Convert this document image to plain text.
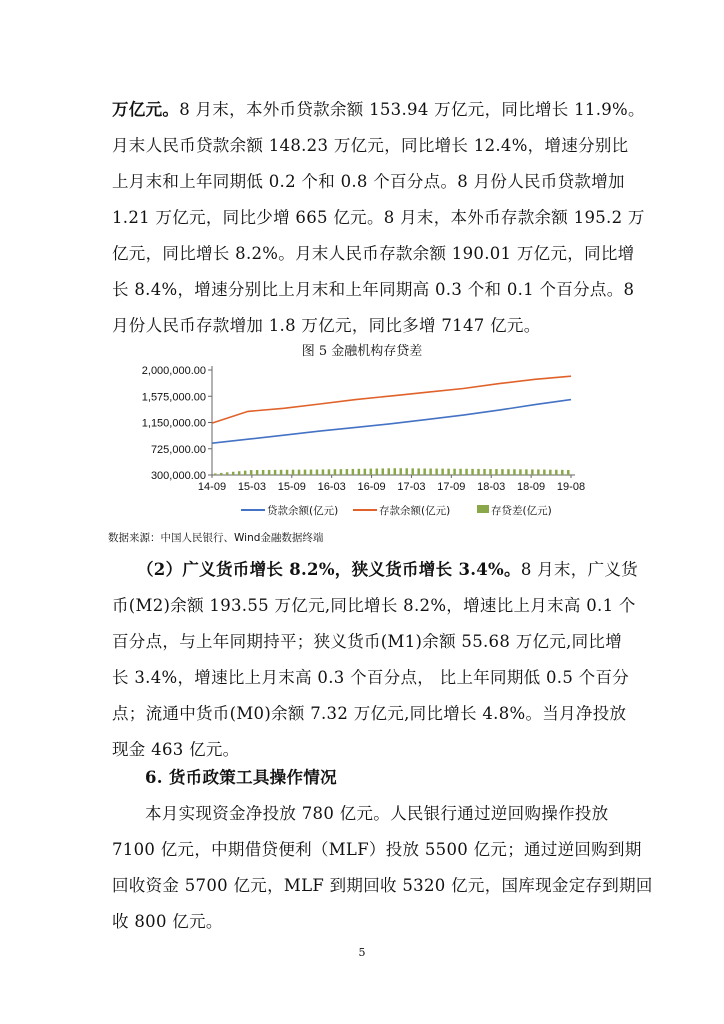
万亿元。8 月末，本外币贷款余额 153.94 万亿元，同比增长 11.9%。
月末人民币贷款余额 148.23 万亿元，同比增长 12.4%，增速分别比
上月末和上年同期低 0.2 个和 0.8 个百分点。8 月份人民币贷款增加
1.21 万亿元，同比少增 665 亿元。8 月末，本外币存款余额 195.2 万
亿元，同比增长 8.2%。月末人民币存款余额 190.01 万亿元，同比增
长 8.4%，增速分别比上月末和上年同期高 0.3 个和 0.1 个百分点。8
月份人民币存款增加 1.8 万亿元，同比多增 7147 亿元。
图 5 金融机构存贷差
2,000,000.00
1,575,000.00
1,150,000.00
725,000.00
300,000.00
14-09 15-03 15-09 16-03 16-09 17-03 17-09 18-03 18-09 19-08
贷款余额(亿元)	存款余额(亿元)	存贷差(亿元)
数据来源：中国人民银行、Wind金融数据终端
（2）广义货币增长 8.2%，狭义货币增长 3.4%。8 月末，广义货
币(M2)余额 193.55 万亿元,同比增长 8.2%，增速比上月末高 0.1 个
百分点，与上年同期持平；狭义货币(M1)余额 55.68 万亿元,同比增
长 3.4%，增速比上月末高 0.3 个百分点， 比上年同期低 0.5 个百分
点；流通中货币(M0)余额 7.32 万亿元,同比增长 4.8%。当月净投放
现金 463 亿元。
6. 货币政策工具操作情况
本月实现资金净投放 780 亿元。人民银行通过逆回购操作投放
7100 亿元，中期借贷便利（MLF）投放 5500 亿元；通过逆回购到期
回收资金 5700 亿元，MLF 到期回收 5320 亿元，国库现金定存到期回
收 800 亿元。
5
